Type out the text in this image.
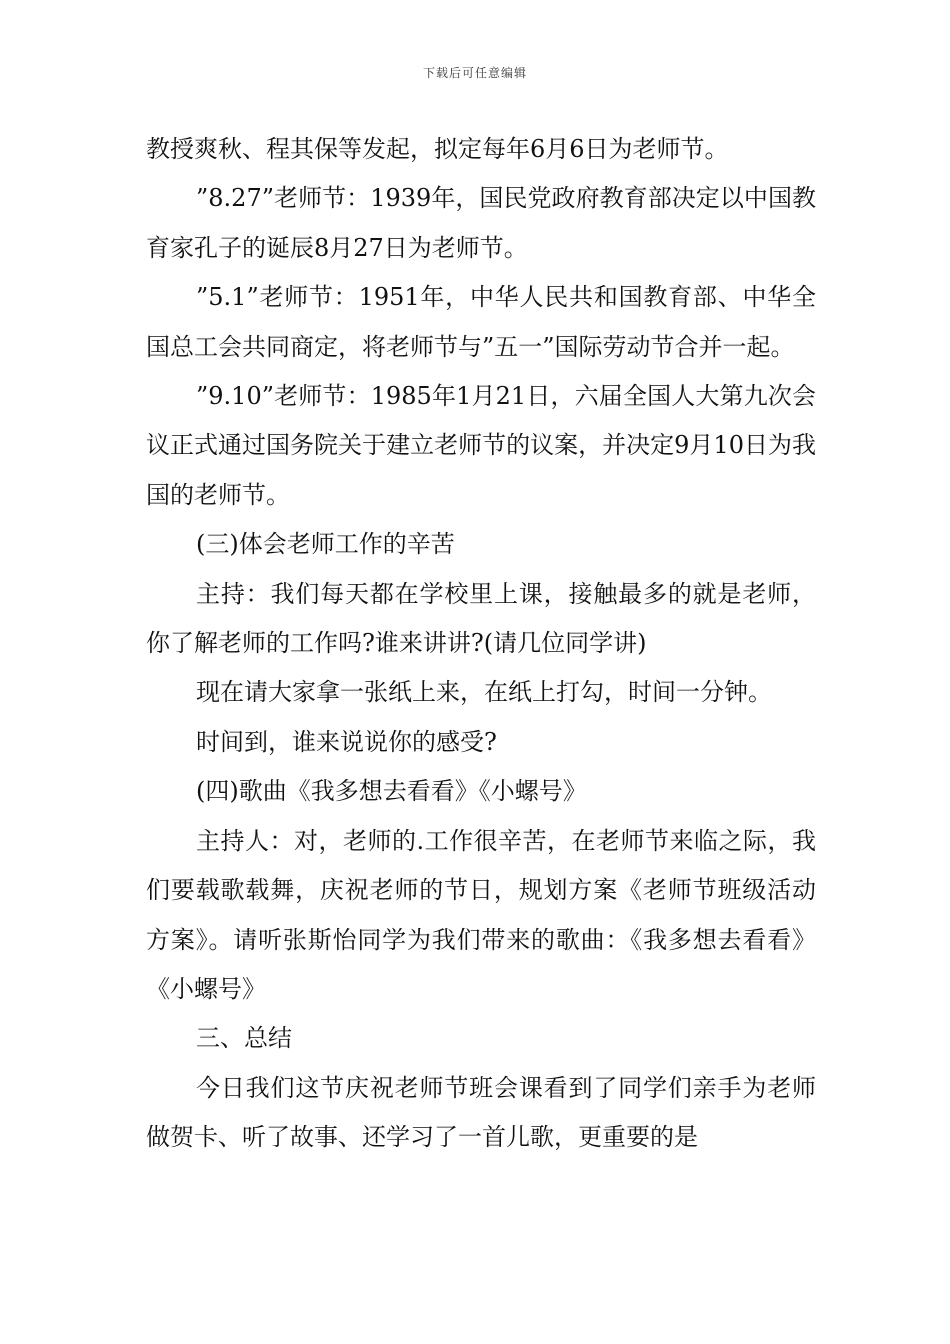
下载后可任意编辑

教授爽秋、程其保等发起，拟定每年6月6日为老师节。

”8.27”老师节：1939年，国民党政府教育部决定以中国教育家孔子的诞辰8月27日为老师节。

”5.1”老师节：1951年，中华人民共和国教育部、中华全国总工会共同商定，将老师节与”五一”国际劳动节合并一起。

”9.10”老师节：1985年1月21日，六届全国人大第九次会议正式通过国务院关于建立老师节的议案，并决定9月10日为我国的老师节。

(三)体会老师工作的辛苦

主持：我们每天都在学校里上课，接触最多的就是老师，你了解老师的工作吗?谁来讲讲?(请几位同学讲)

现在请大家拿一张纸上来，在纸上打勾，时间一分钟。

时间到，谁来说说你的感受?

(四)歌曲《我多想去看看》《小螺号》

主持人：对，老师的.工作很辛苦，在老师节来临之际，我们要载歌载舞，庆祝老师的节日，规划方案《老师节班级活动方案》。请听张斯怡同学为我们带来的歌曲：《我多想去看看》《小螺号》

三、总结

今日我们这节庆祝老师节班会课看到了同学们亲手为老师做贺卡、听了故事、还学习了一首儿歌，更重要的是
